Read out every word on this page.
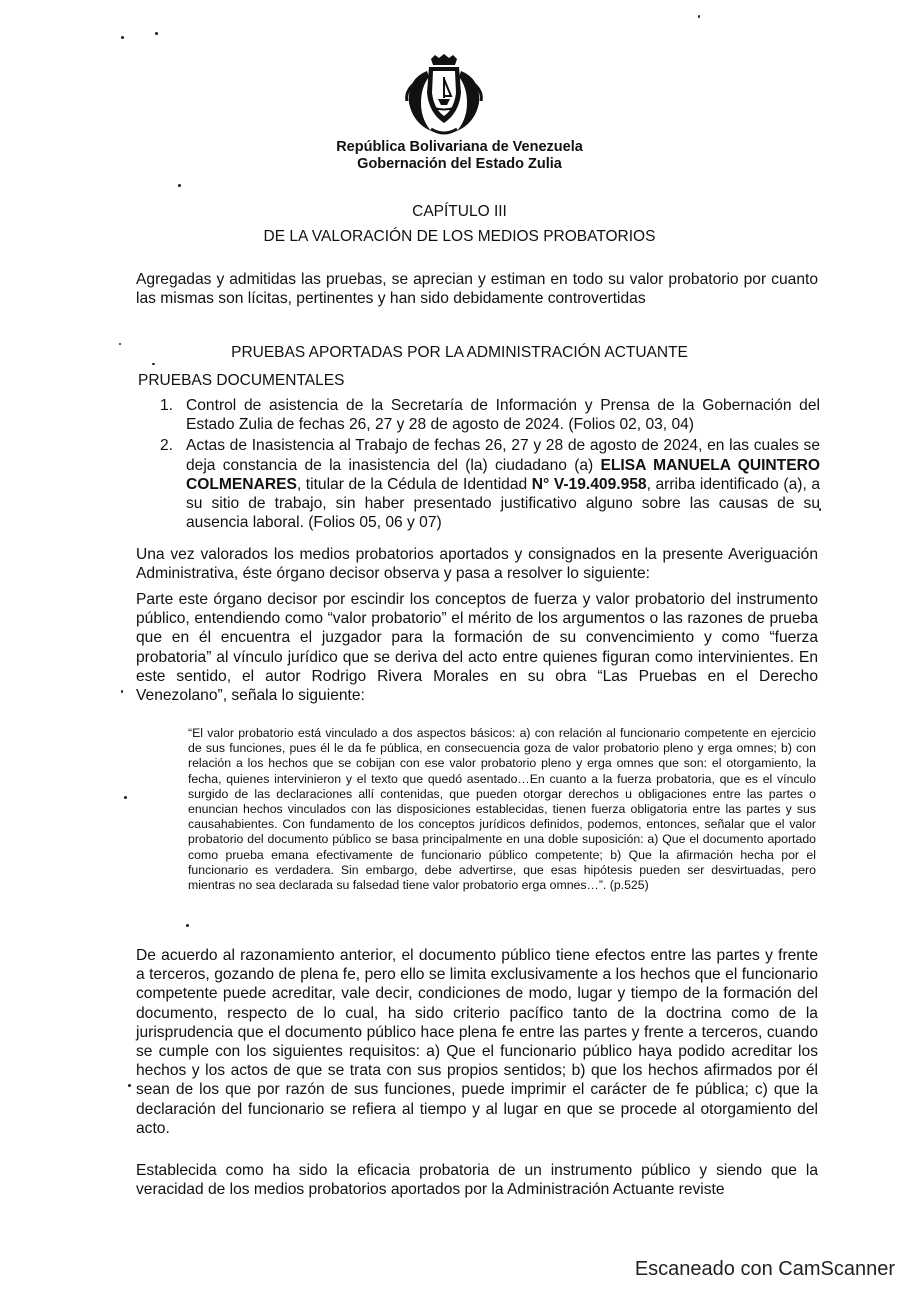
República Bolivariana de Venezuela

Gobernación del Estado Zulia

CAPÍTULO III

DE LA VALORACIÓN DE LOS MEDIOS PROBATORIOS

Agregadas y admitidas las pruebas, se aprecian y estiman en todo su valor probatorio por cuanto las mismas son lícitas, pertinentes y han sido debidamente controvertidas

PRUEBAS APORTADAS POR LA ADMINISTRACIÓN ACTUANTE

PRUEBAS DOCUMENTALES

1. Control de asistencia de la Secretaría de Información y Prensa de la Gobernación del Estado Zulia de fechas 26, 27 y 28 de agosto de 2024. (Folios 02, 03, 04)
2. Actas de Inasistencia al Trabajo de fechas 26, 27 y 28 de agosto de 2024, en las cuales se deja constancia de la inasistencia del (la) ciudadano (a) ELISA MANUELA QUINTERO COLMENARES, titular de la Cédula de Identidad N° V-19.409.958, arriba identificado (a), a su sitio de trabajo, sin haber presentado justificativo alguno sobre las causas de su ausencia laboral. (Folios 05, 06 y 07)

Una vez valorados los medios probatorios aportados y consignados en la presente Averiguación Administrativa, éste órgano decisor observa y pasa a resolver lo siguiente:

Parte este órgano decisor por escindir los conceptos de fuerza y valor probatorio del instrumento público, entendiendo como “valor probatorio” el mérito de los argumentos o las razones de prueba que en él encuentra el juzgador para la formación de su convencimiento y como “fuerza probatoria” al vínculo jurídico que se deriva del acto entre quienes figuran como intervinientes. En este sentido, el autor Rodrigo Rivera Morales en su obra “Las Pruebas en el Derecho Venezolano”, señala lo siguiente:

“El valor probatorio está vinculado a dos aspectos básicos: a) con relación al funcionario competente en ejercicio de sus funciones, pues él le da fe pública, en consecuencia goza de valor probatorio pleno y erga omnes; b) con relación a los hechos que se cobijan con ese valor probatorio pleno y erga omnes que son: el otorgamiento, la fecha, quienes intervinieron y el texto que quedó asentado…En cuanto a la fuerza probatoria, que es el vínculo surgido de las declaraciones allí contenidas, que pueden otorgar derechos u obligaciones entre las partes o enuncian hechos vinculados con las disposiciones establecidas, tienen fuerza obligatoria entre las partes y sus causahabientes. Con fundamento de los conceptos jurídicos definidos, podemos, entonces, señalar que el valor probatorio del documento público se basa principalmente en una doble suposición: a) Que el documento aportado como prueba emana efectivamente de funcionario público competente; b) Que la afirmación hecha por el funcionario es verdadera. Sin embargo, debe advertirse, que esas hipótesis pueden ser desvirtuadas, pero mientras no sea declarada su falsedad tiene valor probatorio erga omnes…”. (p.525)

De acuerdo al razonamiento anterior, el documento público tiene efectos entre las partes y frente a terceros, gozando de plena fe, pero ello se limita exclusivamente a los hechos que el funcionario competente puede acreditar, vale decir, condiciones de modo, lugar y tiempo de la formación del documento, respecto de lo cual, ha sido criterio pacífico tanto de la doctrina como de la jurisprudencia que el documento público hace plena fe entre las partes y frente a terceros, cuando se cumple con los siguientes requisitos: a) Que el funcionario público haya podido acreditar los hechos y los actos de que se trata con sus propios sentidos; b) que los hechos afirmados por él sean de los que por razón de sus funciones, puede imprimir el carácter de fe pública; c) que la declaración del funcionario se refiera al tiempo y al lugar en que se procede al otorgamiento del acto.

Establecida como ha sido la eficacia probatoria de un instrumento público y siendo que la veracidad de los medios probatorios aportados por la Administración Actuante reviste

Escaneado con CamScanner
